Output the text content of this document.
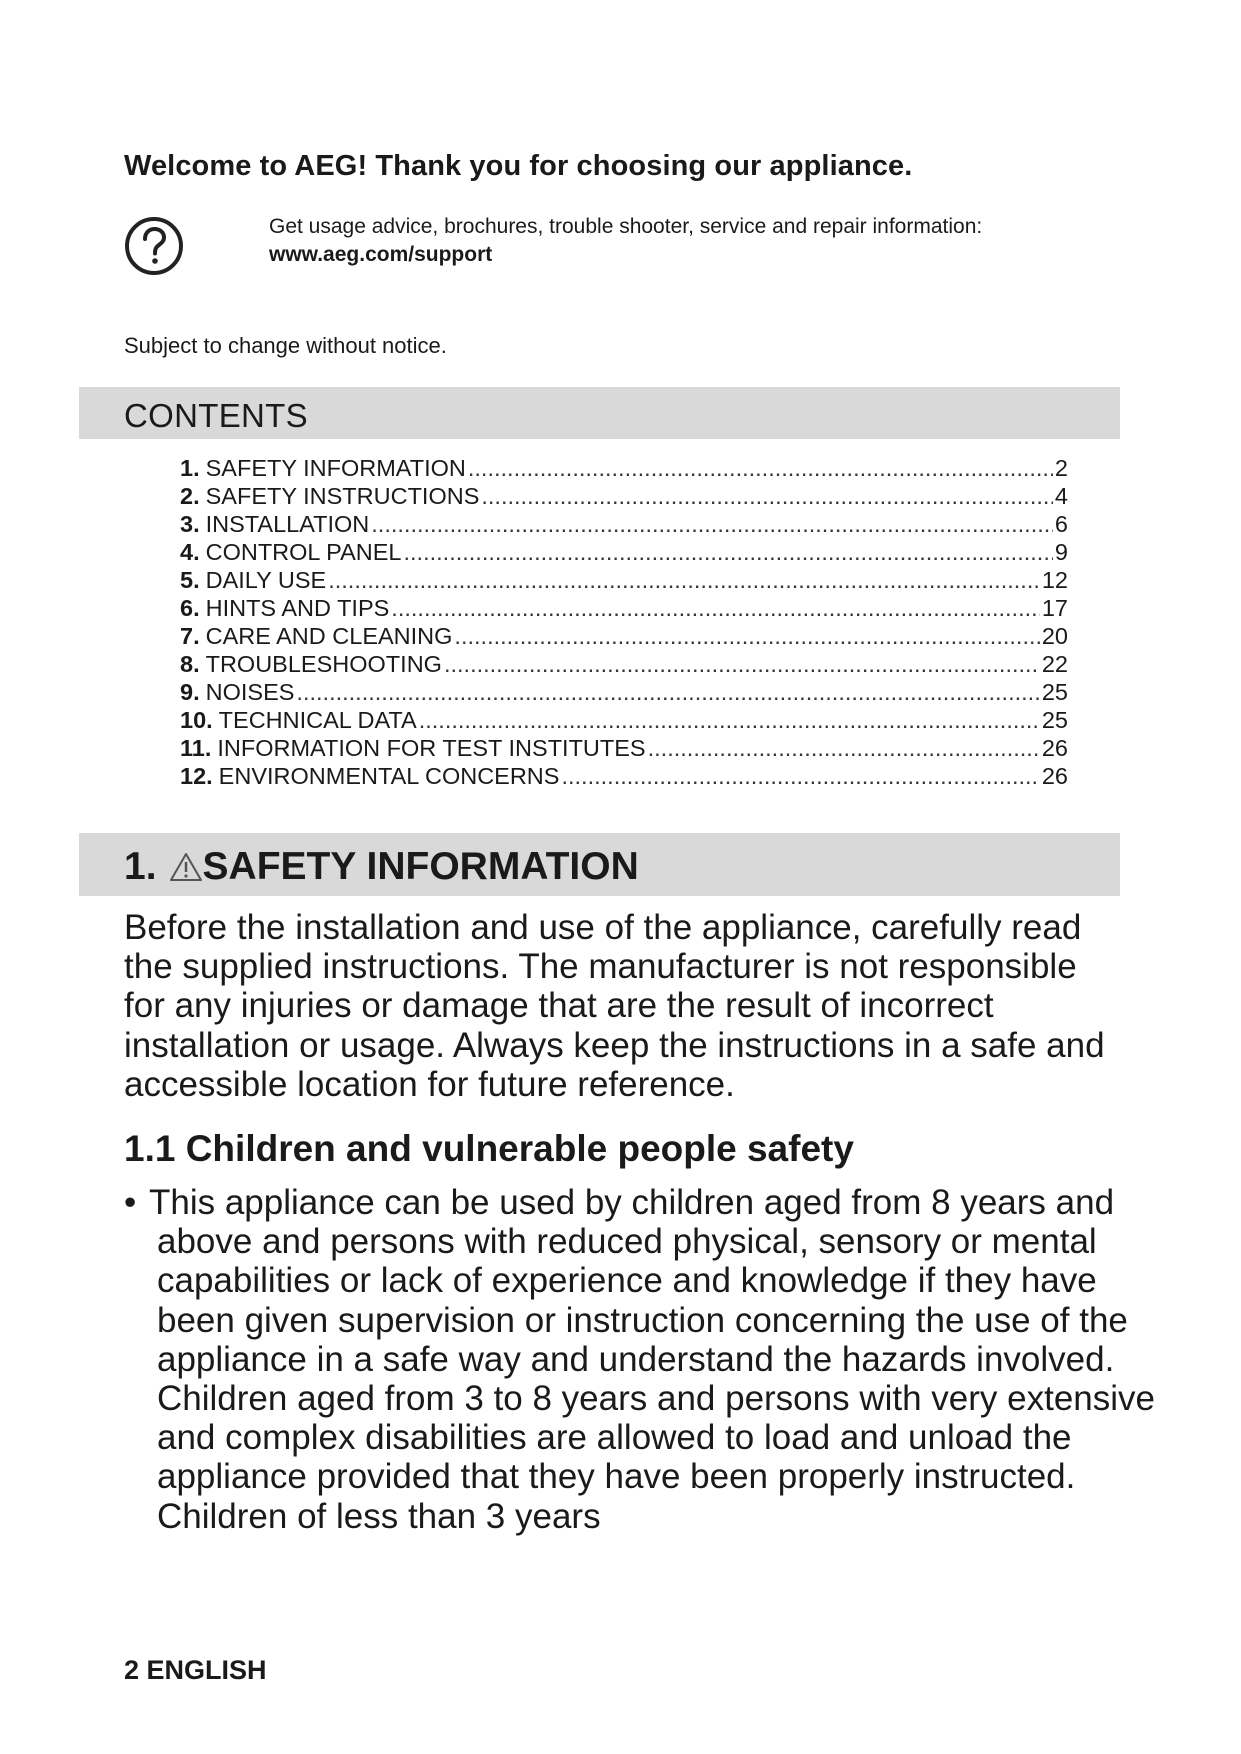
Welcome to AEG! Thank you for choosing our appliance.
Get usage advice, brochures, trouble shooter, service and repair information:
www.aeg.com/support
Subject to change without notice.
CONTENTS
1. SAFETY INFORMATION .....	2
2. SAFETY INSTRUCTIONS .....	4
3. INSTALLATION .....	6
4. CONTROL PANEL .....	9
5. DAILY USE .....	12
6. HINTS AND TIPS .....	17
7. CARE AND CLEANING .....	20
8. TROUBLESHOOTING .....	22
9. NOISES .....	25
10. TECHNICAL DATA .....	25
11. INFORMATION FOR TEST INSTITUTES .....	26
12. ENVIRONMENTAL CONCERNS .....	26
1. SAFETY INFORMATION

Before the installation and use of the appliance, carefully read the supplied instructions. The manufacturer is not responsible for any injuries or damage that are the result of incorrect installation or usage. Always keep the instructions in a safe and accessible location for future reference.

1.1 Children and vulnerable people safety

• This appliance can be used by children aged from 8 years and above and persons with reduced physical, sensory or mental capabilities or lack of experience and knowledge if they have been given supervision or instruction concerning the use of the appliance in a safe way and understand the hazards involved. Children aged from 3 to 8 years and persons with very extensive and complex disabilities are allowed to load and unload the appliance provided that they have been properly instructed. Children of less than 3 years

2 ENGLISH
